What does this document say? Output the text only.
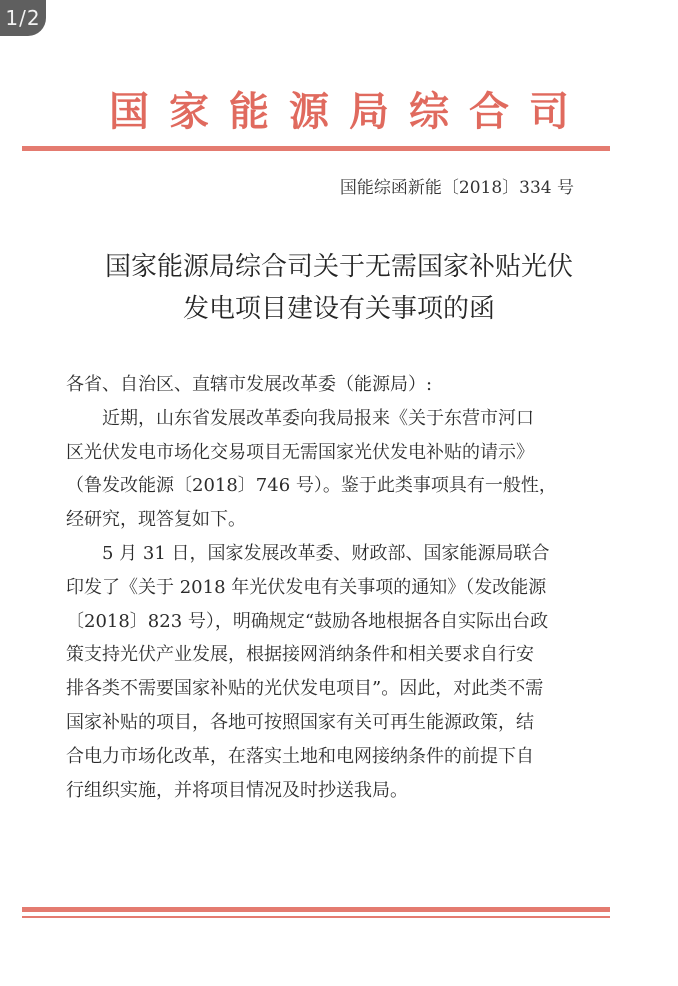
1/2
国家能源局综合司
国能综函新能〔2018〕334 号
国家能源局综合司关于无需国家补贴光伏
发电项目建设有关事项的函
各省、自治区、直辖市发展改革委（能源局）:
　　近期，山东省发展改革委向我局报来《关于东营市河口
区光伏发电市场化交易项目无需国家光伏发电补贴的请示》
（鲁发改能源〔2018〕746 号）。鉴于此类事项具有一般性，
经研究，现答复如下。
　　5 月 31 日，国家发展改革委、财政部、国家能源局联合
印发了《关于 2018 年光伏发电有关事项的通知》（发改能源
〔2018〕823 号），明确规定“鼓励各地根据各自实际出台政
策支持光伏产业发展，根据接网消纳条件和相关要求自行安
排各类不需要国家补贴的光伏发电项目”。因此，对此类不需
国家补贴的项目，各地可按照国家有关可再生能源政策，结
合电力市场化改革，在落实土地和电网接纳条件的前提下自
行组织实施，并将项目情况及时抄送我局。
